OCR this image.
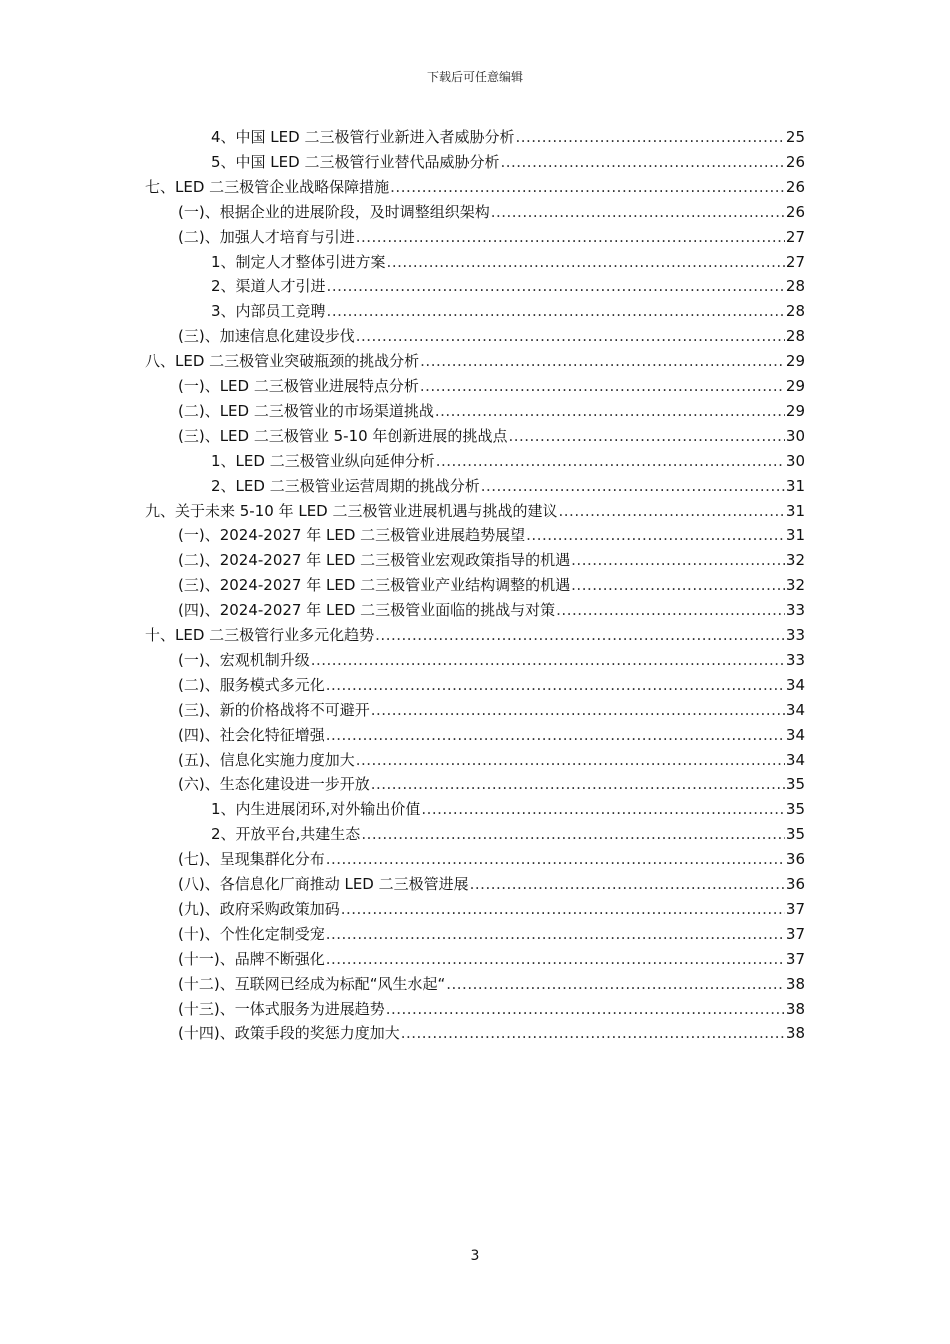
下载后可任意编辑
4、中国 LED 二三极管行业新进入者威胁分析 .....	25
5、中国 LED 二三极管行业替代品威胁分析 .....	26
七、LED 二三极管企业战略保障措施 .....	26
(一)、根据企业的进展阶段，及时调整组织架构 .....	26
(二)、加强人才培育与引进 .....	27
1、制定人才整体引进方案 .....	27
2、渠道人才引进 .....	28
3、内部员工竞聘 .....	28
(三)、加速信息化建设步伐 .....	28
八、LED 二三极管业突破瓶颈的挑战分析 .....	29
(一)、LED 二三极管业进展特点分析 .....	29
(二)、LED 二三极管业的市场渠道挑战 .....	29
(三)、LED 二三极管业 5-10 年创新进展的挑战点 .....	30
1、LED 二三极管业纵向延伸分析 .....	30
2、LED 二三极管业运营周期的挑战分析 .....	31
九、关于未来 5-10 年 LED 二三极管业进展机遇与挑战的建议 .....	31
(一)、2024-2027 年 LED 二三极管业进展趋势展望 .....	31
(二)、2024-2027 年 LED 二三极管业宏观政策指导的机遇 .....	32
(三)、2024-2027 年 LED 二三极管业产业结构调整的机遇 .....	32
(四)、2024-2027 年 LED 二三极管业面临的挑战与对策 .....	33
十、LED 二三极管行业多元化趋势 .....	33
(一)、宏观机制升级 .....	33
(二)、服务模式多元化 .....	34
(三)、新的价格战将不可避开 .....	34
(四)、社会化特征增强 .....	34
(五)、信息化实施力度加大 .....	34
(六)、生态化建设进一步开放 .....	35
1、内生进展闭环,对外输出价值 .....	35
2、开放平台,共建生态 .....	35
(七)、呈现集群化分布 .....	36
(八)、各信息化厂商推动 LED 二三极管进展 .....	36
(九)、政府采购政策加码 .....	37
(十)、个性化定制受宠 .....	37
(十一)、品牌不断强化 .....	37
(十二)、互联网已经成为标配“风生水起“ .....	38
(十三)、一体式服务为进展趋势 .....	38
(十四)、政策手段的奖惩力度加大 .....	38
3
